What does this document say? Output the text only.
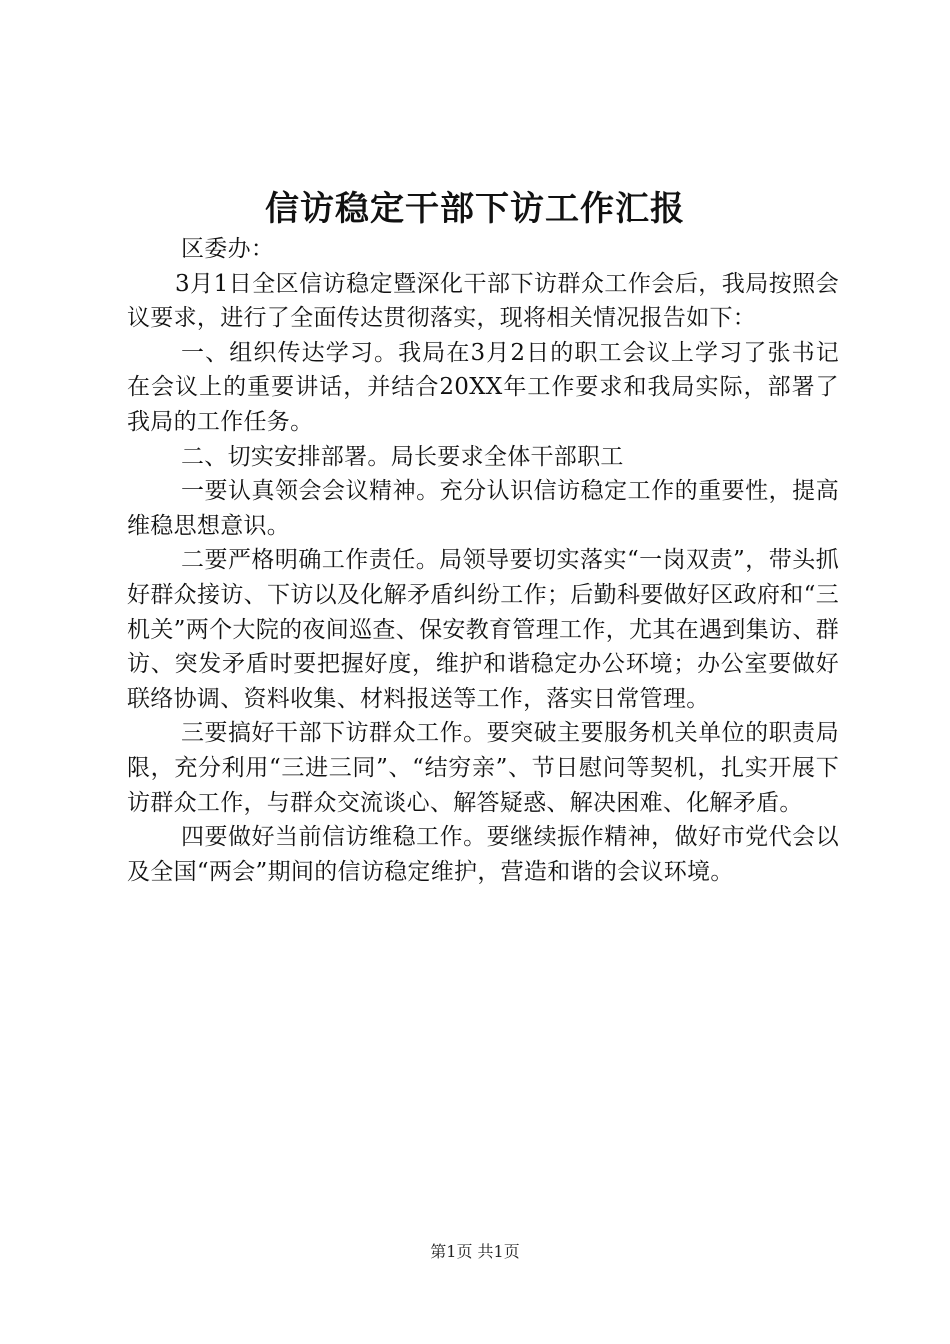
信访稳定干部下访工作汇报

区委办：

3月1日全区信访稳定暨深化干部下访群众工作会后，我局按照会议要求，进行了全面传达贯彻落实，现将相关情况报告如下：

一、组织传达学习。我局在3月2日的职工会议上学习了张书记在会议上的重要讲话，并结合20XX年工作要求和我局实际，部署了我局的工作任务。

二、切实安排部署。局长要求全体干部职工

一要认真领会会议精神。充分认识信访稳定工作的重要性，提高维稳思想意识。

二要严格明确工作责任。局领导要切实落实“一岗双责”，带头抓好群众接访、下访以及化解矛盾纠纷工作；后勤科要做好区政府和“三机关”两个大院的夜间巡查、保安教育管理工作，尤其在遇到集访、群访、突发矛盾时要把握好度，维护和谐稳定办公环境；办公室要做好联络协调、资料收集、材料报送等工作，落实日常管理。

三要搞好干部下访群众工作。要突破主要服务机关单位的职责局限，充分利用“三进三同”、“结穷亲”、节日慰问等契机，扎实开展下访群众工作，与群众交流谈心、解答疑惑、解决困难、化解矛盾。

四要做好当前信访维稳工作。要继续振作精神，做好市党代会以及全国“两会”期间的信访稳定维护，营造和谐的会议环境。

第1页 共1页
